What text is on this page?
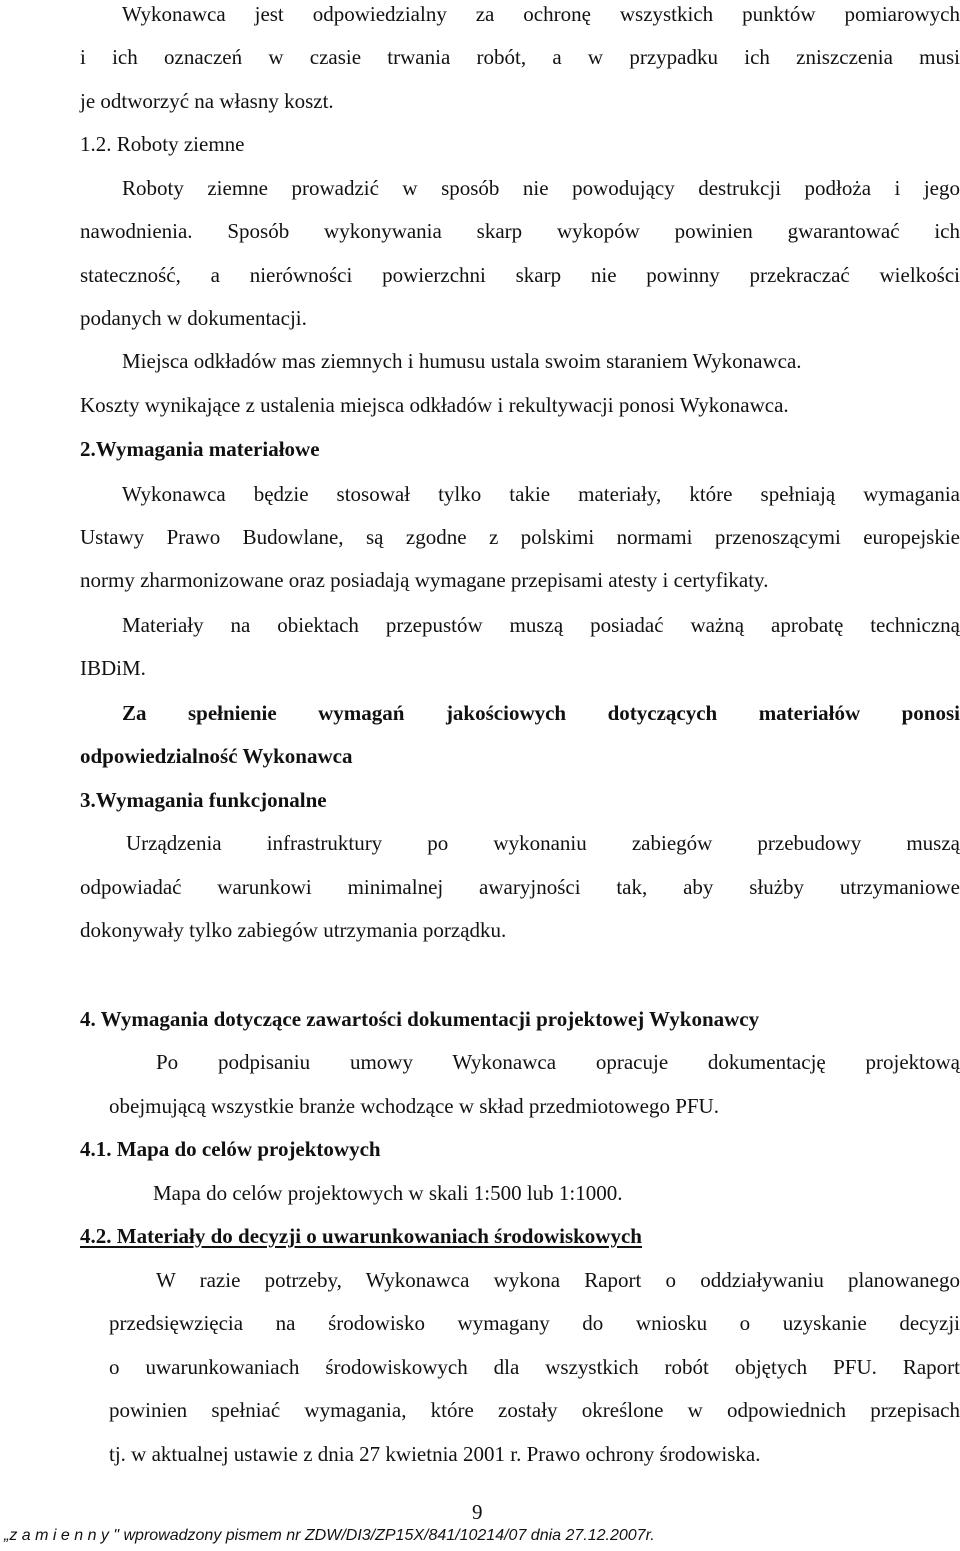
Wykonawca jest odpowiedzialny za ochronę wszystkich punktów pomiarowych
i ich oznaczeń w czasie trwania robót, a w przypadku ich zniszczenia musi
je odtworzyć na własny koszt.
1.2. Roboty ziemne
Roboty ziemne prowadzić w sposób nie powodujący destrukcji podłoża i jego
nawodnienia. Sposób wykonywania skarp wykopów powinien gwarantować ich
stateczność, a nierówności powierzchni skarp nie powinny przekraczać wielkości
podanych w dokumentacji.
Miejsca odkładów mas ziemnych i humusu ustala swoim staraniem Wykonawca.
Koszty wynikające z ustalenia miejsca odkładów i rekultywacji ponosi Wykonawca.
2.Wymagania materiałowe
Wykonawca będzie stosował tylko takie materiały, które spełniają wymagania
Ustawy Prawo Budowlane, są zgodne z polskimi normami przenoszącymi europejskie
normy zharmonizowane oraz posiadają wymagane przepisami atesty i certyfikaty.
Materiały na obiektach przepustów muszą posiadać ważną aprobatę techniczną
IBDiM.
Za spełnienie wymagań jakościowych dotyczących materiałów ponosi
odpowiedzialność Wykonawca
3.Wymagania funkcjonalne
Urządzenia infrastruktury po wykonaniu zabiegów przebudowy muszą
odpowiadać warunkowi minimalnej awaryjności tak, aby służby utrzymaniowe
dokonywały tylko zabiegów utrzymania porządku.
4. Wymagania dotyczące zawartości dokumentacji projektowej Wykonawcy
Po podpisaniu umowy Wykonawca opracuje dokumentację projektową
obejmującą wszystkie branże wchodzące w skład przedmiotowego PFU.
4.1. Mapa do celów projektowych
Mapa do celów projektowych w skali 1:500 lub 1:1000.
4.2. Materiały do decyzji o uwarunkowaniach środowiskowych
W razie potrzeby, Wykonawca wykona Raport o oddziaływaniu planowanego
przedsięwzięcia na środowisko wymagany do wniosku o uzyskanie decyzji
o uwarunkowaniach środowiskowych dla wszystkich robót objętych PFU. Raport
powinien spełniać wymagania, które zostały określone w odpowiednich przepisach
tj. w aktualnej ustawie z dnia 27 kwietnia 2001 r. Prawo ochrony środowiska.
9
„z a m i e n n y " wprowadzony pismem nr ZDW/DI3/ZP15X/841/10214/07 dnia 27.12.2007r.
